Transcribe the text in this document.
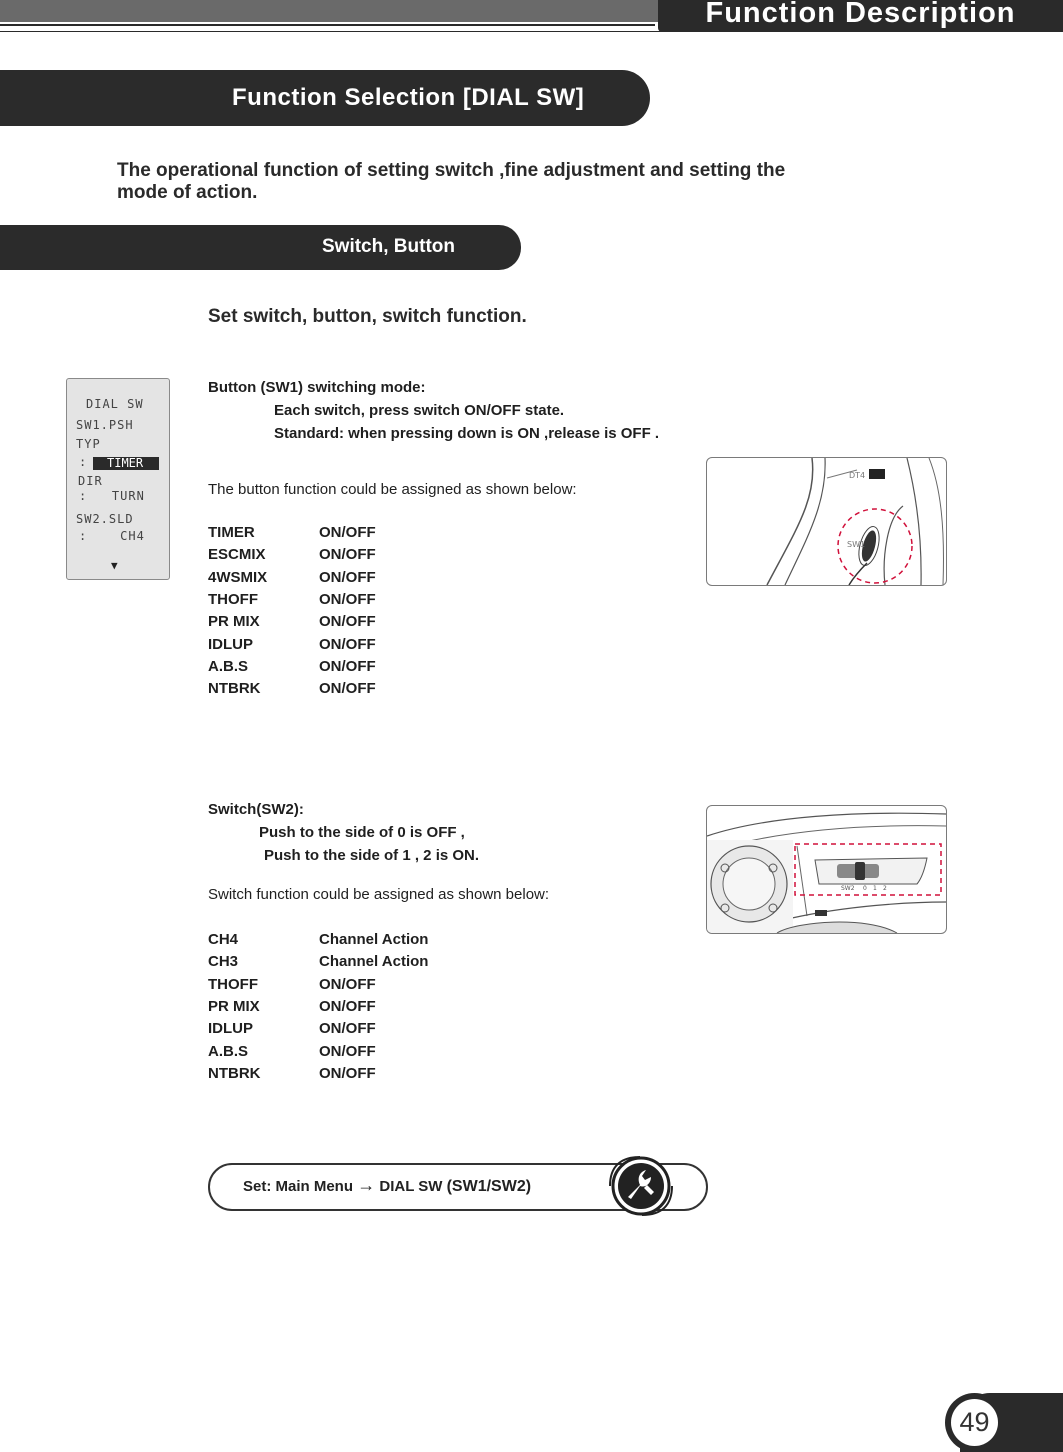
Function Description
Function Selection [DIAL SW]
The operational function of setting switch ,fine adjustment and setting the
mode of action.
Switch, Button
Set switch, button, switch function.
DIAL SW
SW1.PSH
TYP
: TIMER
DIR
:   TURN
SW2.SLD
:    CH4
▼
Button (SW1) switching mode:
Each switch, press switch ON/OFF state.
Standard: when pressing down is ON ,release is OFF .
The button function could be assigned as shown below:
TIMER	ON/OFF
ESCMIX	ON/OFF
4WSMIX	ON/OFF
THOFF	ON/OFF
PR MIX	ON/OFF
IDLUP	ON/OFF
A.B.S	ON/OFF
NTBRK	ON/OFF
DT4
SW1
Switch(SW2):
Push to the side of 0 is OFF ,
Push to the side of 1 , 2 is ON.
Switch function could be assigned as shown below:
CH4	Channel Action
CH3	Channel Action
THOFF	ON/OFF
PR MIX	ON/OFF
IDLUP	ON/OFF
A.B.S	ON/OFF
NTBRK	ON/OFF
SW2 0 1 2
Set: Main Menu → DIAL SW (SW1/SW2)
49
